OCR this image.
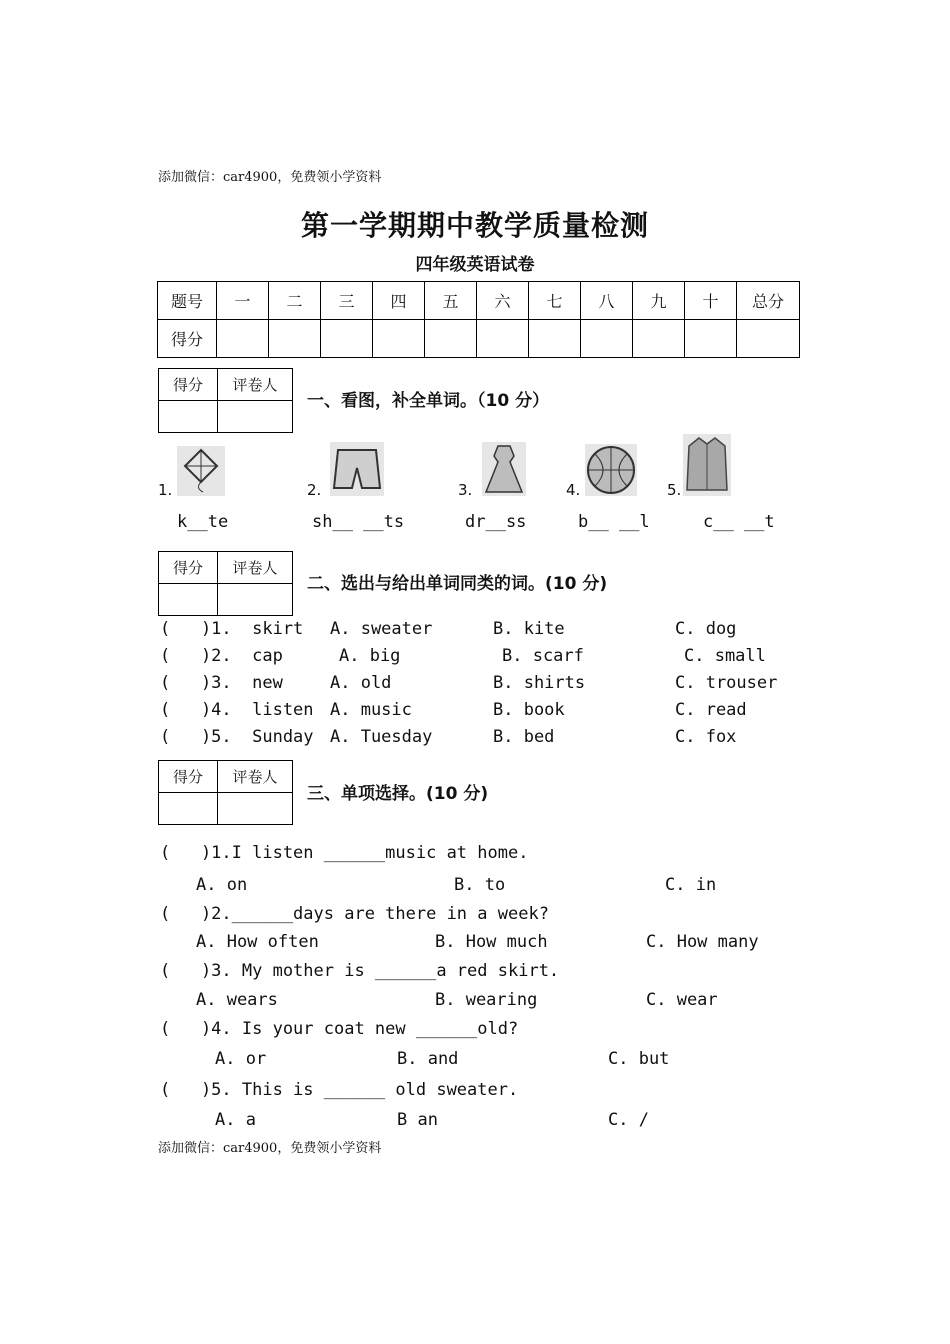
添加微信：car4900，免费领小学资料
第一学期期中教学质量检测
四年级英语试卷
题号	一	二	三	四	五	六	七	八	九	十	总分
得分											
得分	评卷人

一、看图，补全单词。（10 分）
1.	2.	3.	4.	5.
k__te	sh__ __ts	dr__ss	b__ __l	c__ __t
得分	评卷人

二、选出与给出单词同类的词。(10 分)
(   )1.  skirt A. sweater	B. kite	C. dog
(   )2.  cap	A. big	B. scarf	C. small
(   )3.  new	A. old	B. shirts	C. trouser
(   )4.  listen A. music	B. book	C. read
(   )5.  Sunday A. Tuesday	B. bed	C. fox
得分	评卷人

三、单项选择。(10 分)
(   )1.I listen ______music at home.
A. on	B. to	C. in
(   )2.______days are there in a week?
A. How often	B. How much	C. How many
(   )3. My mother is ______a red skirt.
A. wears	B. wearing	C. wear
(   )4. Is your coat new ______old?
A. or	B. and	C. but
(   )5. This is ______ old sweater.
A. a	B an	C. /
添加微信：car4900，免费领小学资料
